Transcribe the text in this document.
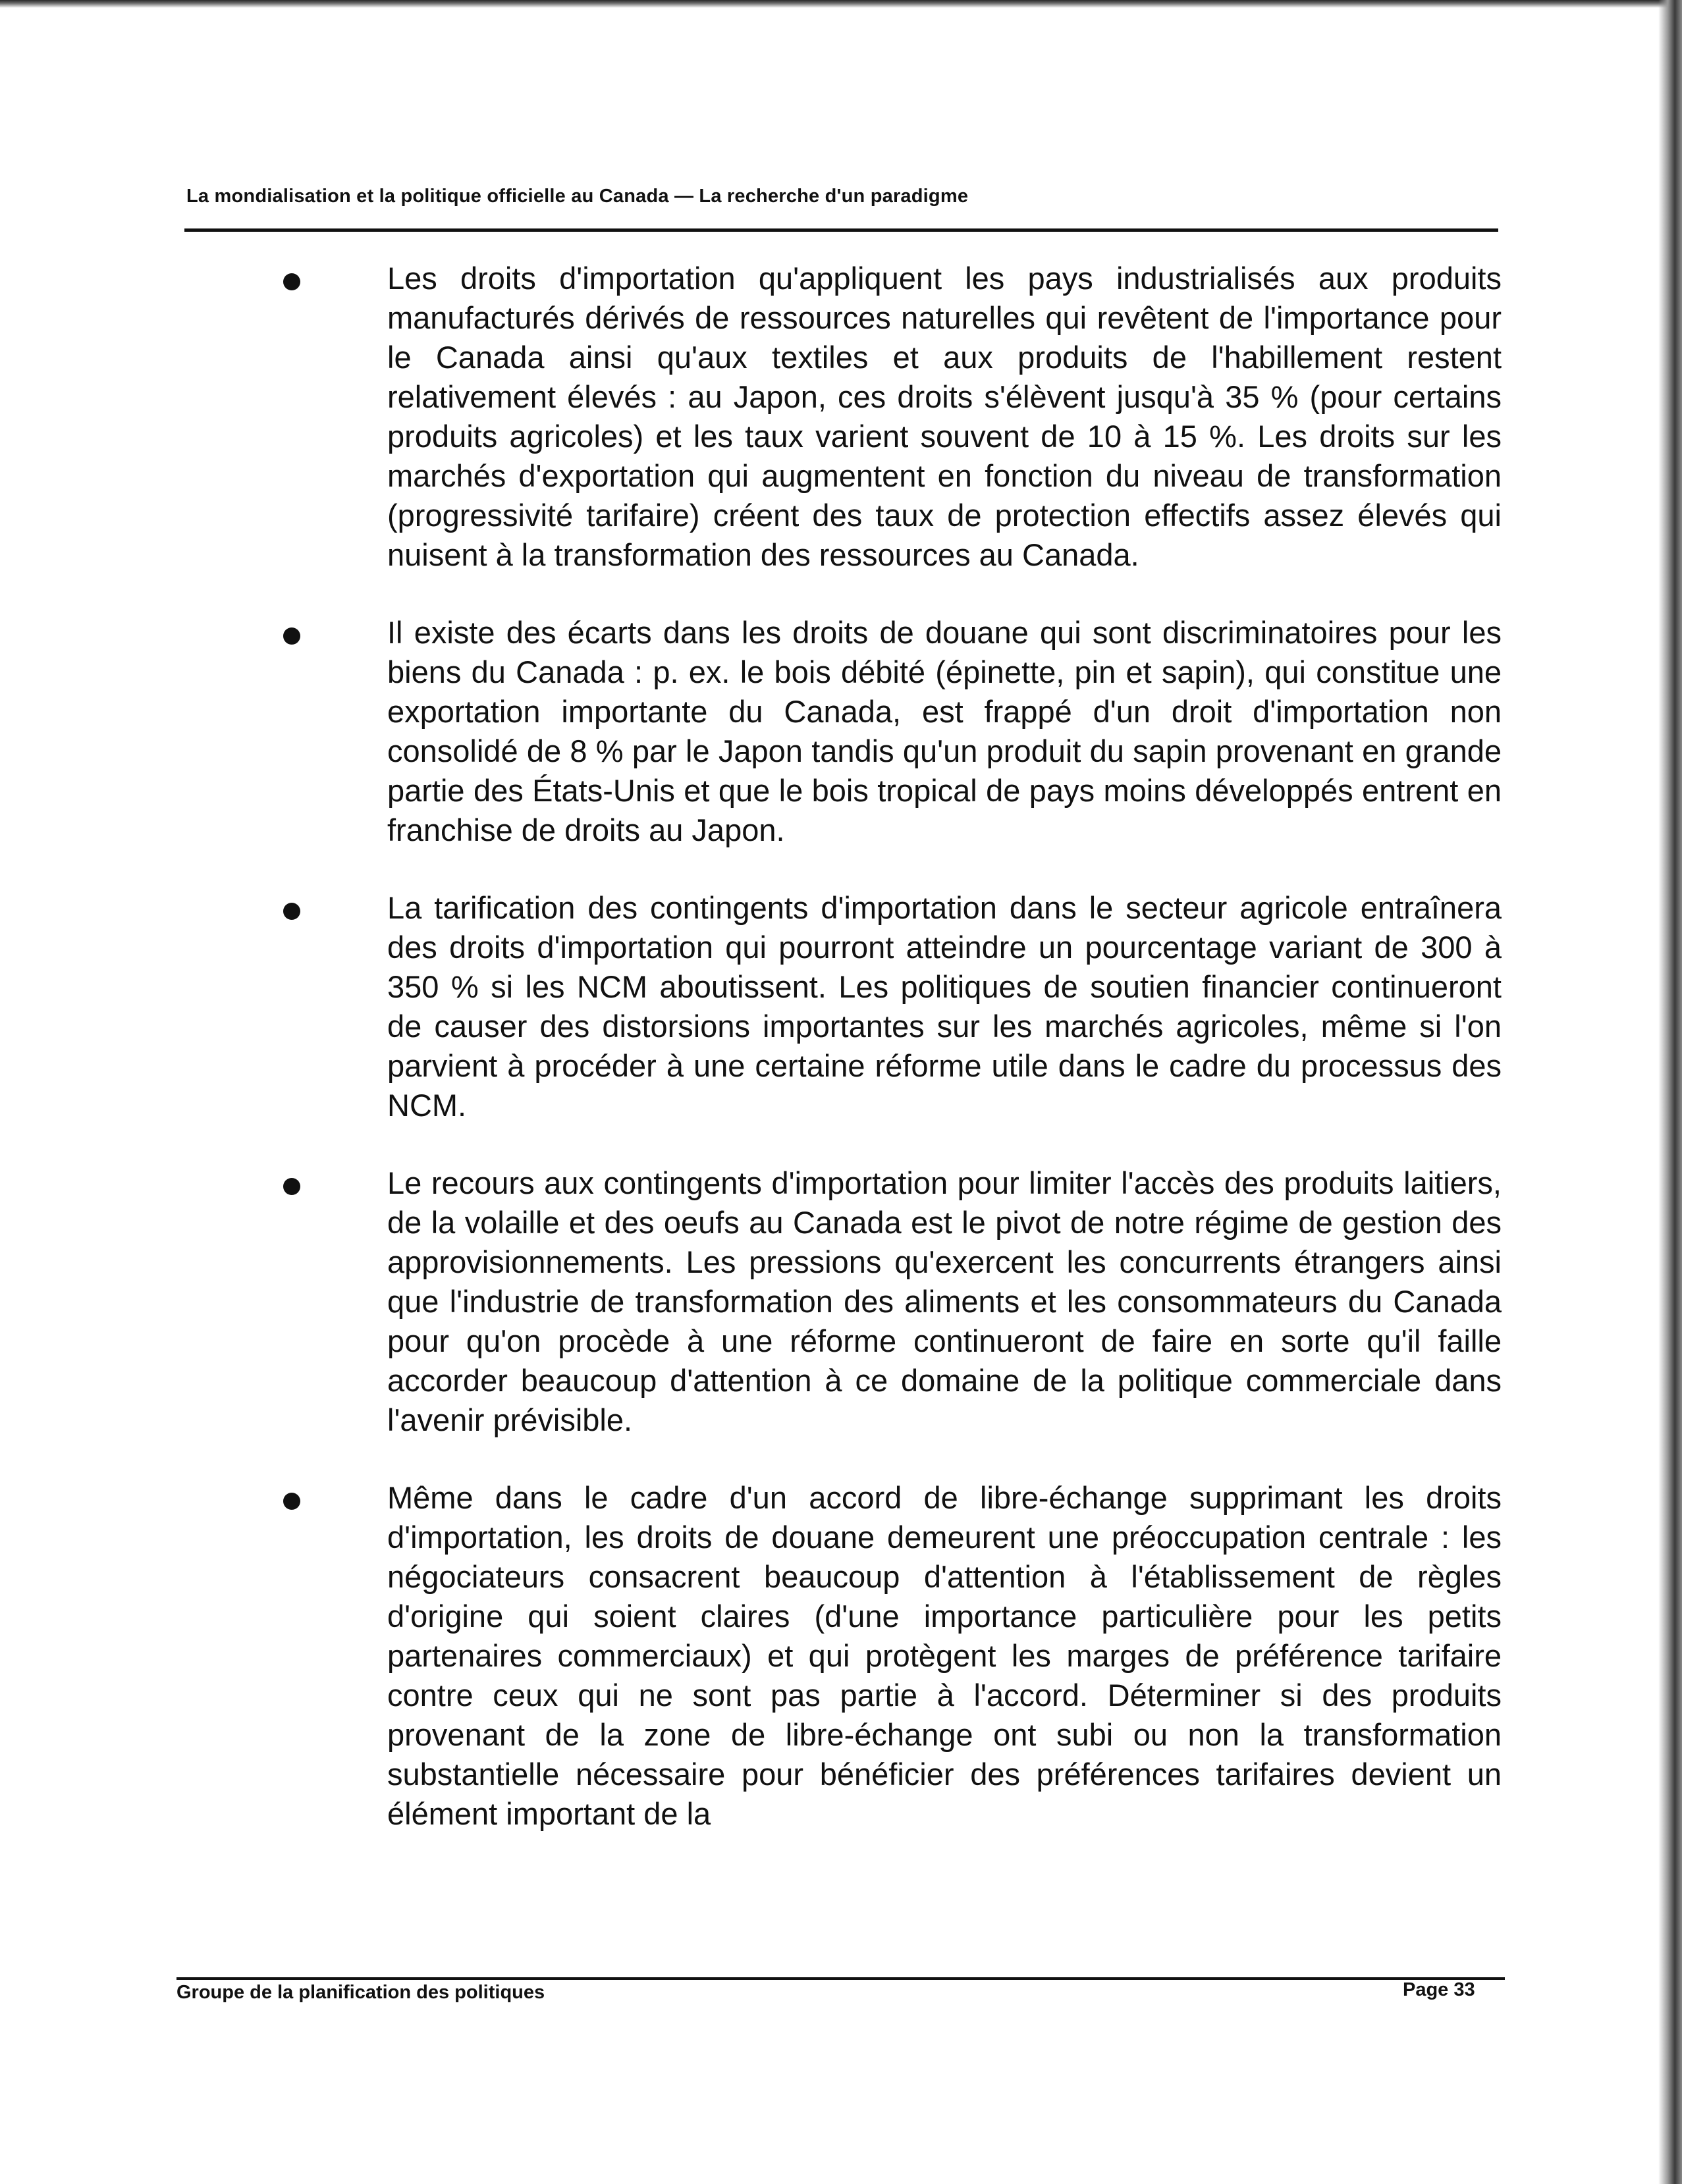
La mondialisation et la politique officielle au Canada — La recherche d'un paradigme

Les droits d'importation qu'appliquent les pays industrialisés aux produits manufacturés dérivés de ressources naturelles qui revêtent de l'importance pour le Canada ainsi qu'aux textiles et aux produits de l'habillement restent relativement élevés : au Japon, ces droits s'élèvent jusqu'à 35 % (pour certains produits agricoles) et les taux varient souvent de 10 à 15 %. Les droits sur les marchés d'exportation qui augmentent en fonction du niveau de transformation (progressivité tarifaire) créent des taux de protection effectifs assez élevés qui nuisent à la transformation des ressources au Canada.

Il existe des écarts dans les droits de douane qui sont discriminatoires pour les biens du Canada : p. ex. le bois débité (épinette, pin et sapin), qui constitue une exportation importante du Canada, est frappé d'un droit d'importation non consolidé de 8 % par le Japon tandis qu'un produit du sapin provenant en grande partie des États-Unis et que le bois tropical de pays moins développés entrent en franchise de droits au Japon.

La tarification des contingents d'importation dans le secteur agricole entraînera des droits d'importation qui pourront atteindre un pourcentage variant de 300 à 350 % si les NCM aboutissent. Les politiques de soutien financier continueront de causer des distorsions importantes sur les marchés agricoles, même si l'on parvient à procéder à une certaine réforme utile dans le cadre du processus des NCM.

Le recours aux contingents d'importation pour limiter l'accès des produits laitiers, de la volaille et des oeufs au Canada est le pivot de notre régime de gestion des approvisionnements. Les pressions qu'exercent les concurrents étrangers ainsi que l'industrie de transformation des aliments et les consommateurs du Canada pour qu'on procède à une réforme continueront de faire en sorte qu'il faille accorder beaucoup d'attention à ce domaine de la politique commerciale dans l'avenir prévisible.

Même dans le cadre d'un accord de libre-échange supprimant les droits d'importation, les droits de douane demeurent une préoccupation centrale : les négociateurs consacrent beaucoup d'attention à l'établissement de règles d'origine qui soient claires (d'une importance particulière pour les petits partenaires commerciaux) et qui protègent les marges de préférence tarifaire contre ceux qui ne sont pas partie à l'accord. Déterminer si des produits provenant de la zone de libre-échange ont subi ou non la transformation substantielle nécessaire pour bénéficier des préférences tarifaires devient un élément important de la

Groupe de la planification des politiques	Page 33
